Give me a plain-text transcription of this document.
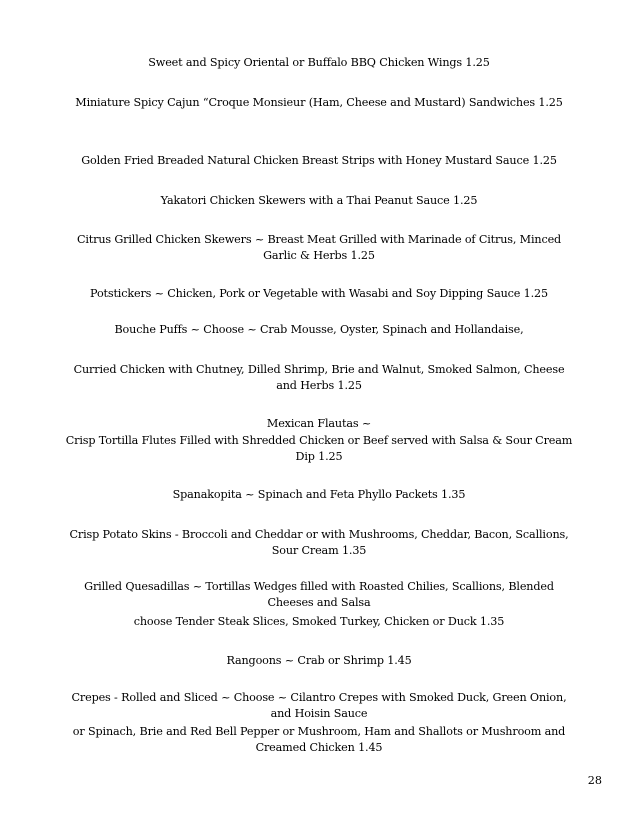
Sweet and Spicy Oriental or Buffalo BBQ Chicken Wings 1.25
Miniature Spicy Cajun “Croque Monsieur (Ham, Cheese and Mustard) Sandwiches 1.25
Golden Fried Breaded Natural Chicken Breast Strips with Honey Mustard Sauce 1.25
Yakatori Chicken Skewers with a Thai Peanut Sauce 1.25
Citrus Grilled Chicken Skewers ~ Breast Meat Grilled with Marinade of Citrus, Minced
Garlic & Herbs 1.25
Potstickers ~ Chicken, Pork or Vegetable with Wasabi and Soy Dipping Sauce 1.25
Bouche Puffs ~ Choose ~ Crab Mousse, Oyster, Spinach and Hollandaise,
Curried Chicken with Chutney, Dilled Shrimp, Brie and Walnut, Smoked Salmon, Cheese
and Herbs 1.25
Mexican Flautas ~
Crisp Tortilla Flutes Filled with Shredded Chicken or Beef served with Salsa & Sour Cream
Dip 1.25
Spanakopita ~ Spinach and Feta Phyllo Packets 1.35
Crisp Potato Skins - Broccoli and Cheddar or with Mushrooms, Cheddar, Bacon, Scallions,
Sour Cream 1.35
Grilled Quesadillas ~ Tortillas Wedges filled with Roasted Chilies, Scallions, Blended
Cheeses and Salsa
choose Tender Steak Slices, Smoked Turkey, Chicken or Duck 1.35
Rangoons ~ Crab or Shrimp 1.45
Crepes - Rolled and Sliced ~ Choose ~ Cilantro Crepes with Smoked Duck, Green Onion,
and Hoisin Sauce
or Spinach, Brie and Red Bell Pepper or Mushroom, Ham and Shallots or Mushroom and
Creamed Chicken 1.45
28
